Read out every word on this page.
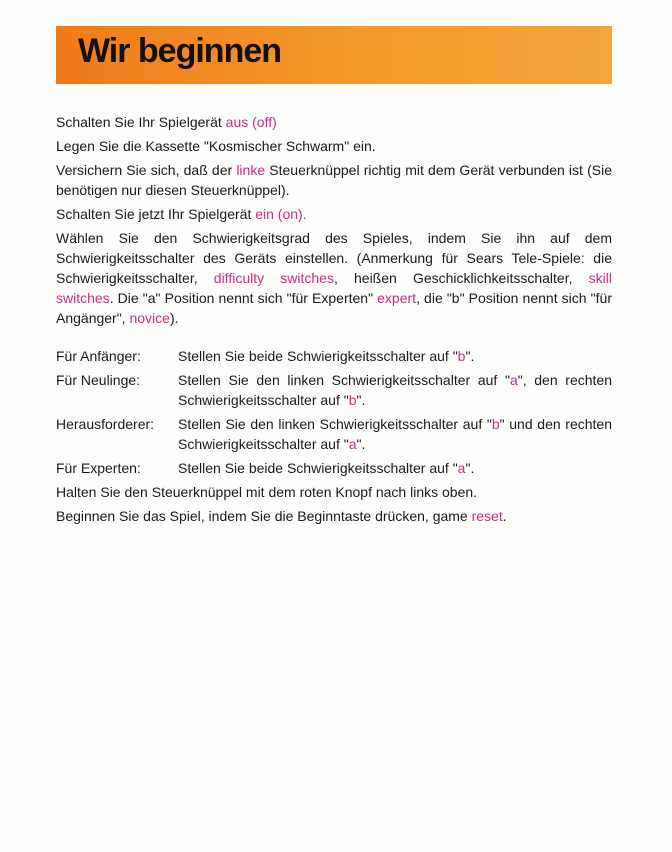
Wir beginnen

Schalten Sie Ihr Spielgerät aus (off)

Legen Sie die Kassette "Kosmischer Schwarm" ein.

Versichern Sie sich, daß der linke Steuerknüppel richtig mit dem Gerät verbunden ist (Sie benötigen nur diesen Steuerknüppel).

Schalten Sie jetzt Ihr Spielgerät ein (on).

Wählen Sie den Schwierigkeitsgrad des Spieles, indem Sie ihn auf dem Schwierigkeitsschalter des Geräts einstellen. (Anmerkung für Sears Tele-Spiele: die Schwierigkeitsschalter, difficulty switches, heißen Geschicklichkeitsschalter, skill switches. Die "a" Position nennt sich "für Experten" expert, die "b" Position nennt sich "für Angänger", novice).

Für Anfänger:	Stellen Sie beide Schwierigkeitsschalter auf "b".
Für Neulinge:	Stellen Sie den linken Schwierigkeitsschalter auf "a", den rechten Schwierigkeitsschalter auf "b".
Herausforderer:	Stellen Sie den linken Schwierigkeitsschalter auf "b" und den rechten Schwierigkeitsschalter auf "a".
Für Experten:	Stellen Sie beide Schwierigkeitsschalter auf "a".

Halten Sie den Steuerknüppel mit dem roten Knopf nach links oben.

Beginnen Sie das Spiel, indem Sie die Beginntaste drücken, game reset.
